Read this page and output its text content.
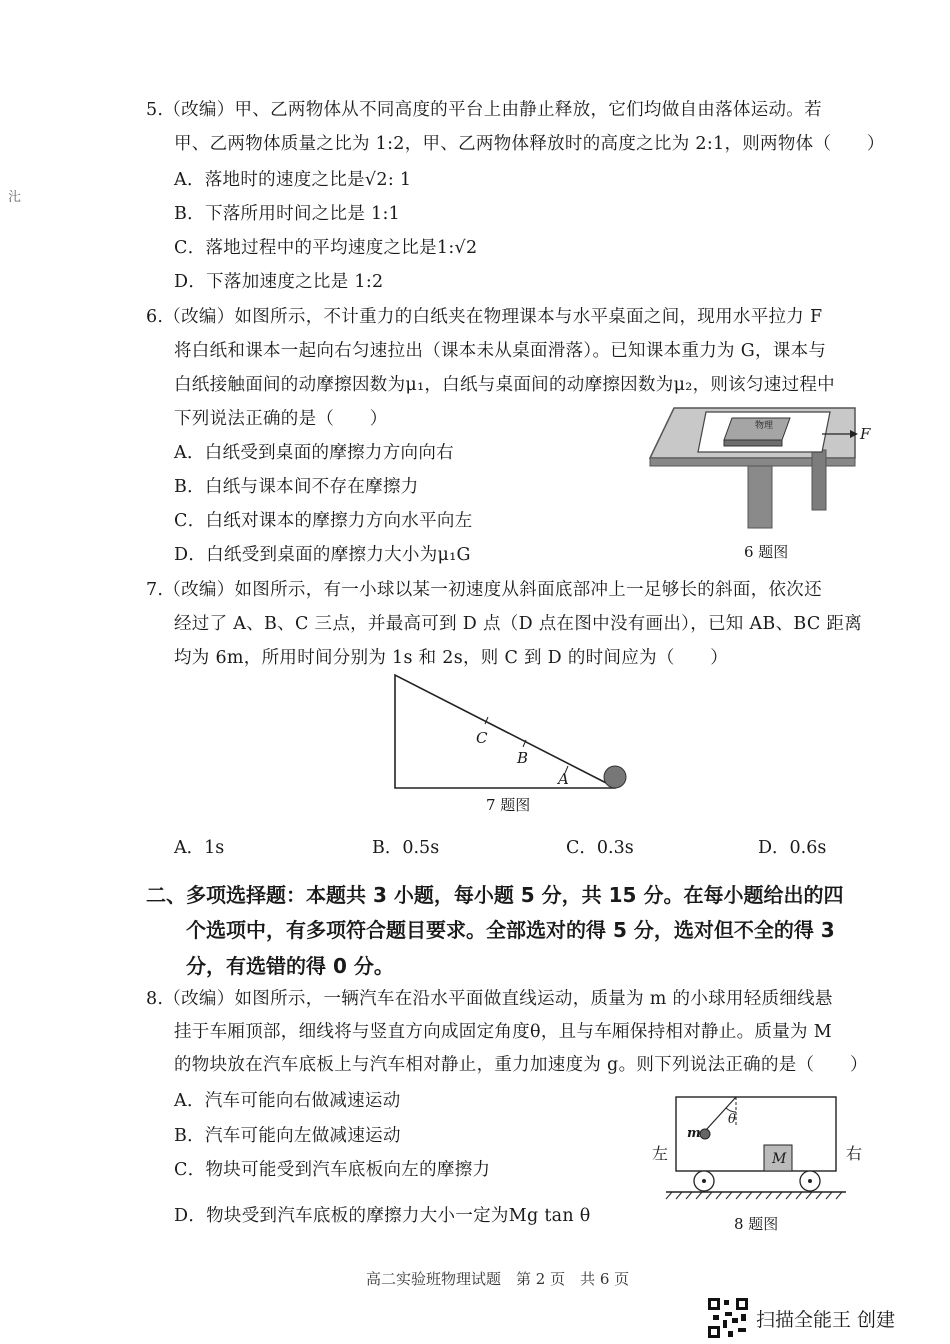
㲺
5.（改编）甲、乙两物体从不同高度的平台上由静止释放，它们均做自由落体运动。若
甲、乙两物体质量之比为 1:2，甲、乙两物体释放时的高度之比为 2:1，则两物体（　　）
A．落地时的速度之比是√2: 1
B．下落所用时间之比是 1:1
C．落地过程中的平均速度之比是1:√2
D．下落加速度之比是 1:2
6.（改编）如图所示，不计重力的白纸夹在物理课本与水平桌面之间，现用水平拉力 F
将白纸和课本一起向右匀速拉出（课本未从桌面滑落）。已知课本重力为 G，课本与
白纸接触面间的动摩擦因数为μ₁，白纸与桌面间的动摩擦因数为μ₂，则该匀速过程中
下列说法正确的是（　　）
A．白纸受到桌面的摩擦力方向向右
B．白纸与课本间不存在摩擦力
C．白纸对课本的摩擦力方向水平向左
D．白纸受到桌面的摩擦力大小为μ₁G
F
物理
6 题图
7.（改编）如图所示，有一小球以某一初速度从斜面底部冲上一足够长的斜面，依次还
经过了 A、B、C 三点，并最高可到 D 点（D 点在图中没有画出），已知 AB、BC 距离
均为 6m，所用时间分别为 1s 和 2s，则 C 到 D 的时间应为（　　）
C
B
A
7 题图
A．1s	B．0.5s	C．0.3s	D．0.6s
二、多项选择题：本题共 3 小题，每小题 5 分，共 15 分。在每小题给出的四
个选项中，有多项符合题目要求。全部选对的得 5 分，选对但不全的得 3
分，有选错的得 0 分。
8.（改编）如图所示，一辆汽车在沿水平面做直线运动，质量为 m 的小球用轻质细线悬
挂于车厢顶部，细线将与竖直方向成固定角度θ，且与车厢保持相对静止。质量为 M
的物块放在汽车底板上与汽车相对静止，重力加速度为 g。则下列说法正确的是（　　）
A．汽车可能向右做减速运动
B．汽车可能向左做减速运动
C．物块可能受到汽车底板向左的摩擦力
D．物块受到汽车底板的摩擦力大小一定为Mg tan θ
θ
m
M
左	右
8 题图
高二实验班物理试题　第 2 页　共 6 页
扫描全能王 创建
